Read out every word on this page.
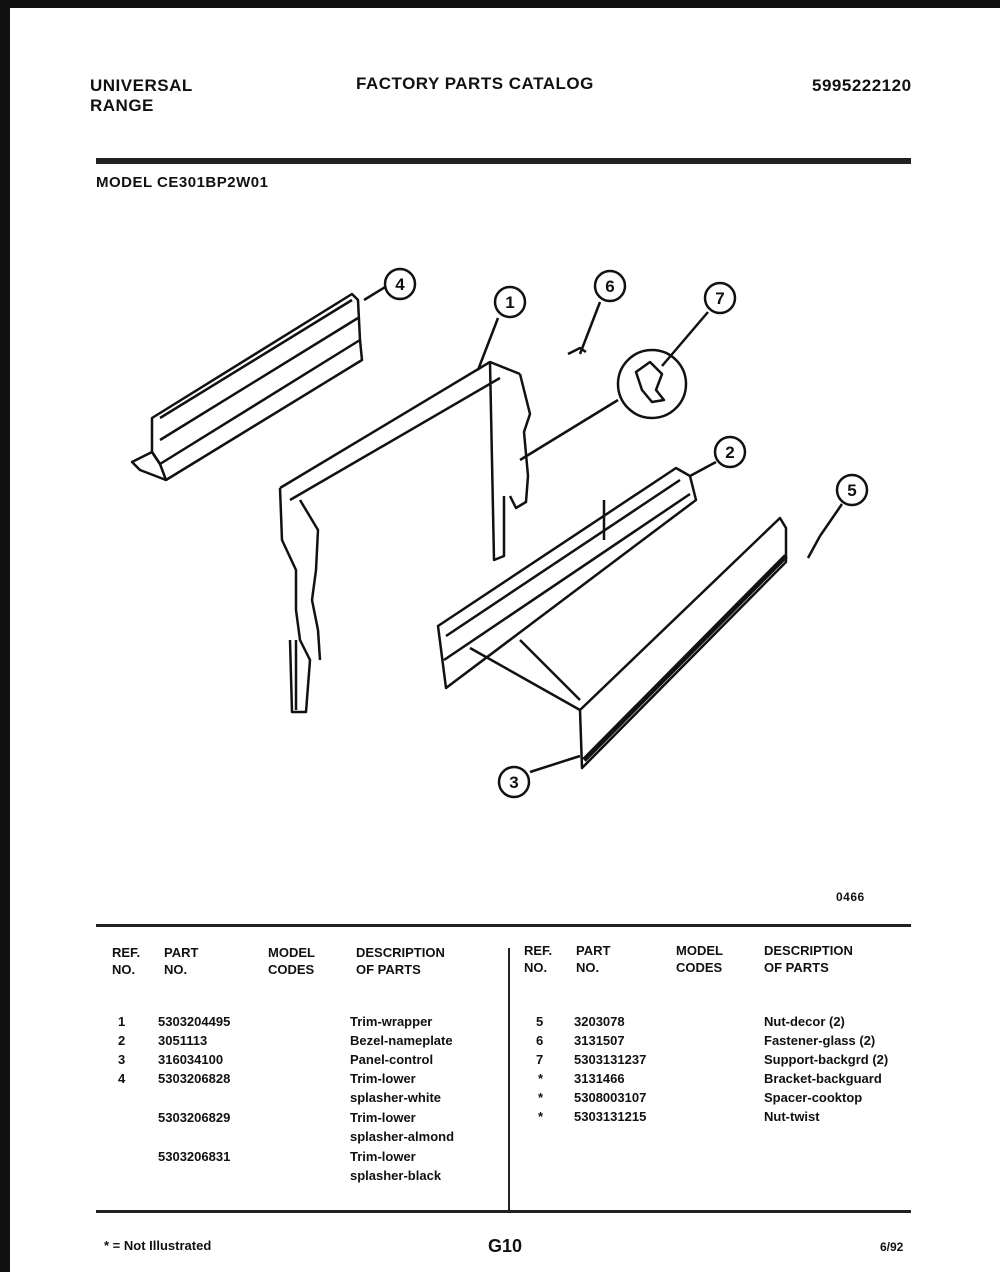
UNIVERSAL
RANGE
FACTORY PARTS CATALOG	5995222120
MODEL CE301BP2W01
1
2
3
4
5
6
7
0466
REF. NO.
PART NO.
MODEL CODES
DESCRIPTION OF PARTS
REF. NO.
PART NO.
MODEL CODES
DESCRIPTION OF PARTS
1	5303204495	Trim-wrapper
2	3051113	Bezel-nameplate
3	316034100	Panel-control
4	5303206828	Trim-lower
splasher-white
5303206829	Trim-lower
splasher-almond
5303206831	Trim-lower
splasher-black
5 3203078	Nut-decor (2)
6 3131507	Fastener-glass (2)
7 5303131237	Support-backgrd (2)
* 3131466	Bracket-backguard
* 5308003107	Spacer-cooktop
* 5303131215	Nut-twist
* = Not Illustrated	G10	6/92
